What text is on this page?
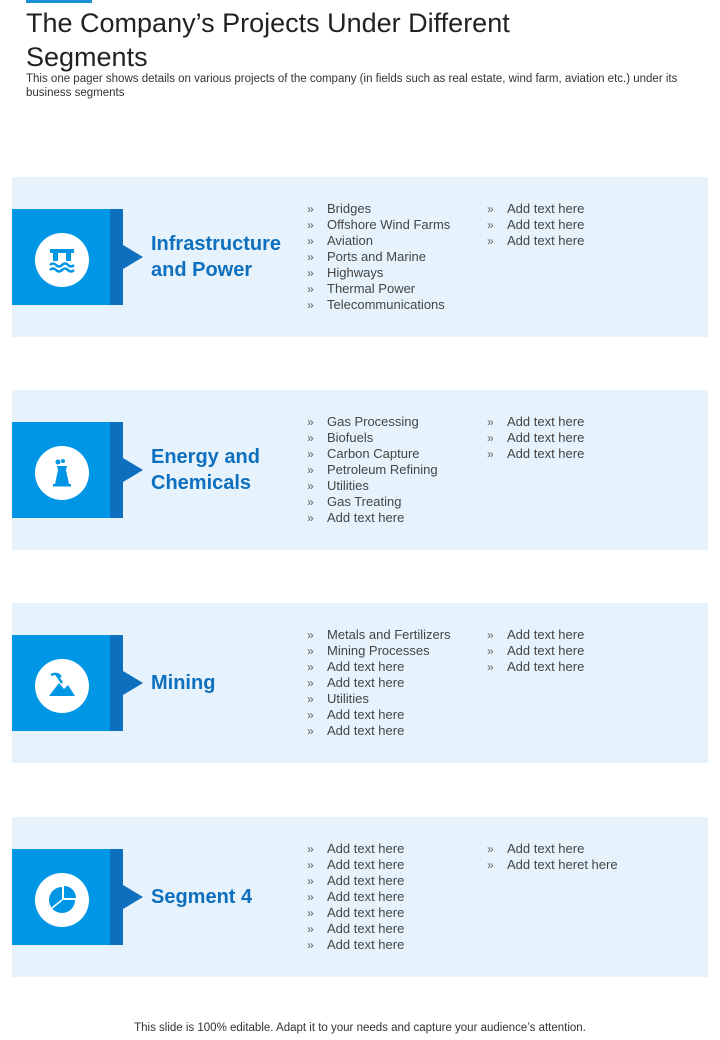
The Company’s Projects Under Different Segments
This one pager shows details on various projects of the company (in fields such as real estate, wind farm, aviation etc.) under its business segments
Infrastructure and Power
» Bridges
» Offshore Wind Farms
» Aviation
» Ports and Marine
» Highways
» Thermal Power
» Telecommunications
» Add text here
» Add text here
» Add text here
Energy and Chemicals
» Gas Processing
» Biofuels
» Carbon Capture
» Petroleum Refining
» Utilities
» Gas Treating
» Add text here
» Add text here
» Add text here
» Add text here
Mining
» Metals and Fertilizers
» Mining Processes
» Add text here
» Add text here
» Utilities
» Add text here
» Add text here
» Add text here
» Add text here
» Add text here
Segment 4
» Add text here
» Add text here
» Add text here
» Add text here
» Add text here
» Add text here
» Add text here
» Add text here
» Add text heret here
This slide is 100% editable. Adapt it to your needs and capture your audience’s attention.
